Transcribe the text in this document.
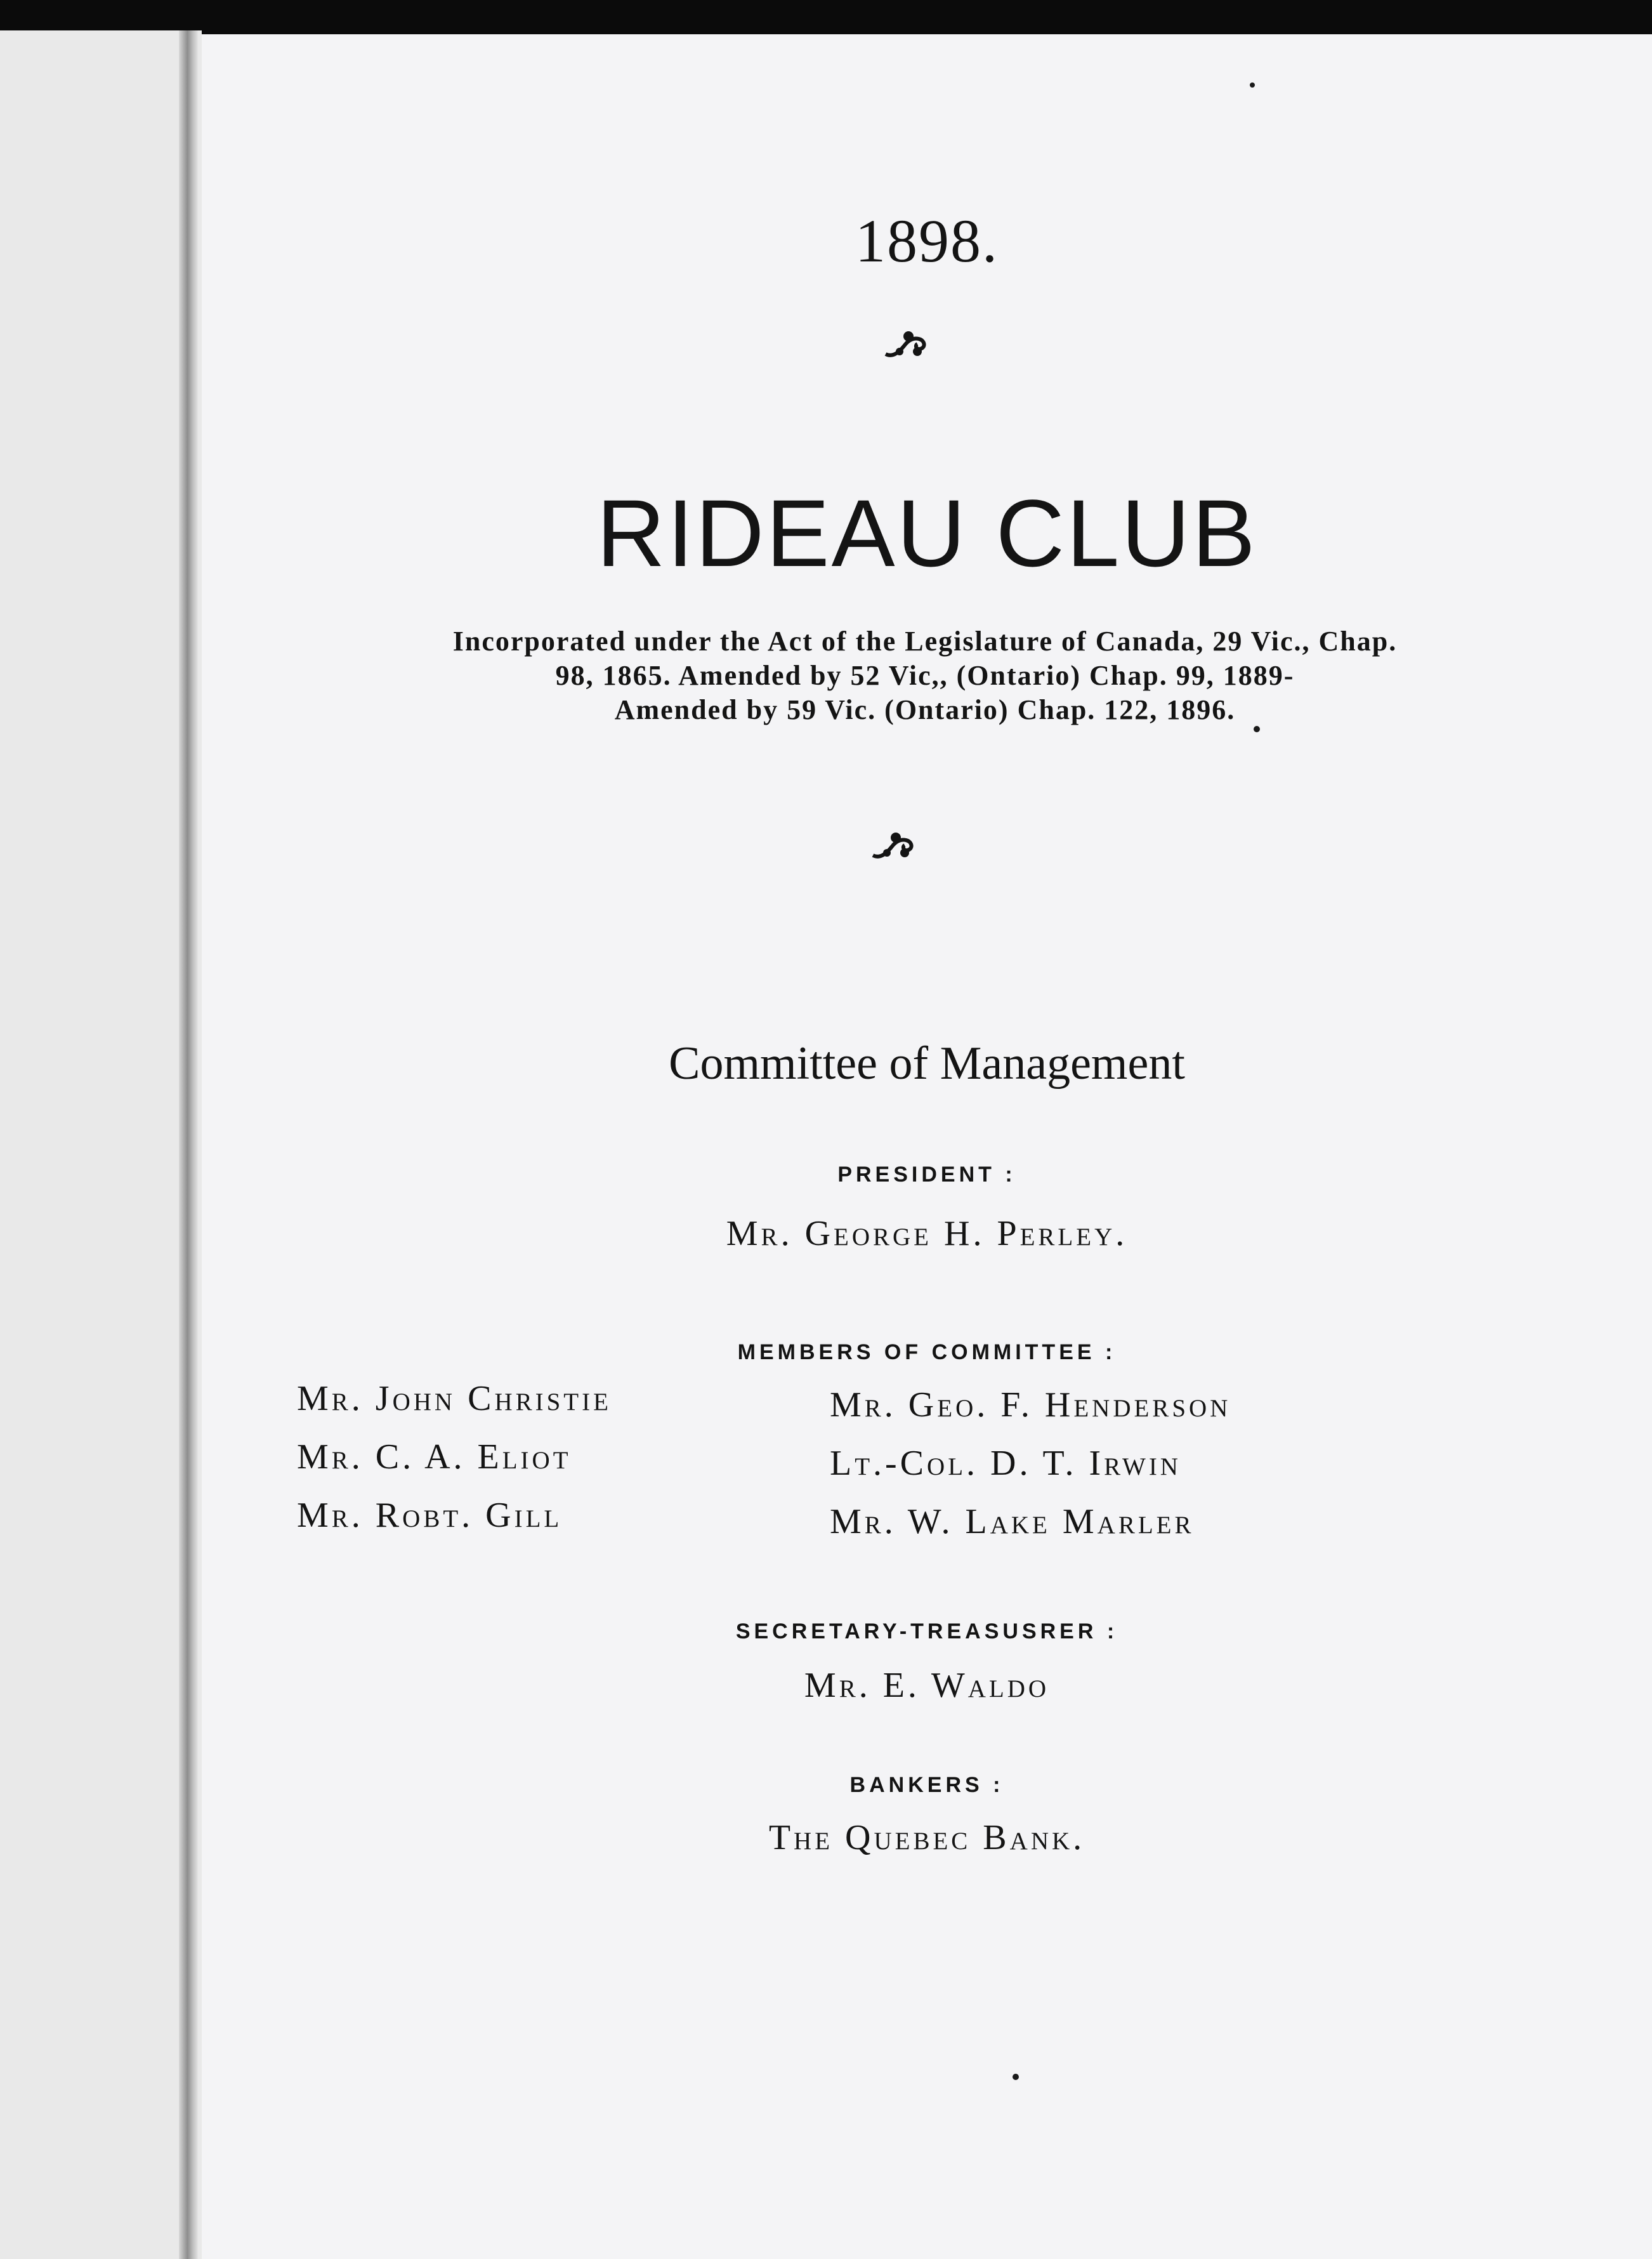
1898.
RIDEAU CLUB
Incorporated under the Act of the Legislature of Canada, 29 Vic., Chap.
98, 1865. Amended by 52 Vic,, (Ontario) Chap. 99, 1889-
Amended by 59 Vic. (Ontario) Chap. 122, 1896.
Committee of Management
PRESIDENT :
Mr. George H. Perley.
MEMBERS OF COMMITTEE :
Mr. John Christie
Mr. C. A. Eliot
Mr. Robt. Gill
Mr. Geo. F. Henderson
Lt.-Col. D. T. Irwin
Mr. W. Lake Marler
SECRETARY-TREASUSRER :
Mr. E. Waldo
BANKERS :
The Quebec Bank.
